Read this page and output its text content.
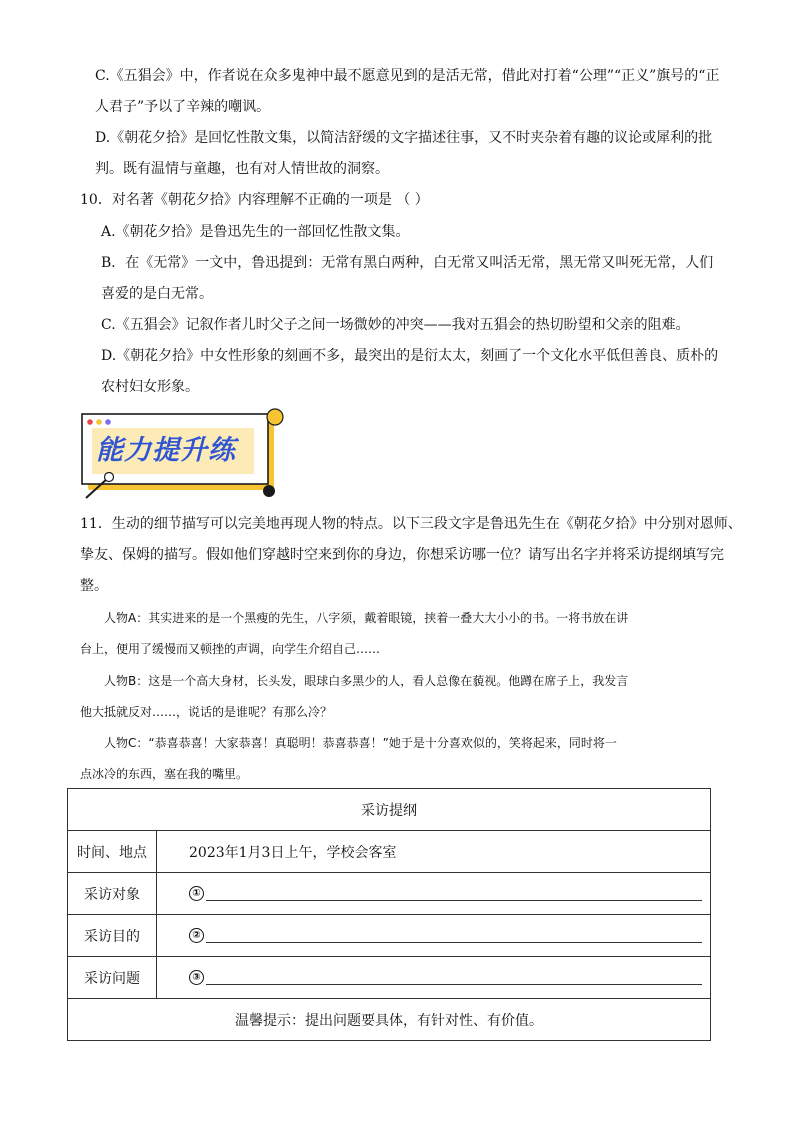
C.《五猖会》中，作者说在众多鬼神中最不愿意见到的是活无常，借此对打着“公理”“正义”旗号的“正
人君子”予以了辛辣的嘲讽。
D.《朝花夕拾》是回忆性散文集，以简洁舒缓的文字描述往事，又不时夹杂着有趣的议论或犀利的批
判。既有温情与童趣，也有对人情世故的洞察。
10．对名著《朝花夕拾》内容理解不正确的一项是 （ ）
A.《朝花夕拾》是鲁迅先生的一部回忆性散文集。
B．在《无常》一文中，鲁迅提到：无常有黑白两种，白无常又叫活无常，黑无常又叫死无常，人们
喜爱的是白无常。
C.《五猖会》记叙作者儿时父子之间一场微妙的冲突——我对五猖会的热切盼望和父亲的阻难。
D.《朝花夕拾》中女性形象的刻画不多，最突出的是衍太太，刻画了一个文化水平低但善良、质朴的
农村妇女形象。
能力提升练
11．生动的细节描写可以完美地再现人物的特点。以下三段文字是鲁迅先生在《朝花夕拾》中分别对恩师、
挚友、保姆的描写。假如他们穿越时空来到你的身边，你想采访哪一位？请写出名字并将采访提纲填写完
整。
人物A：其实进来的是一个黑瘦的先生，八字须，戴着眼镜，挟着一叠大大小小的书。一将书放在讲
台上，便用了缓慢而又顿挫的声调，向学生介绍自己……
人物B：这是一个高大身材，长头发，眼球白多黑少的人，看人总像在藐视。他蹲在席子上，我发言
他大抵就反对……，说话的是谁呢？有那么冷？
人物C：“恭喜恭喜！大家恭喜！真聪明！恭喜恭喜！”她于是十分喜欢似的，笑将起来，同时将一
点冰冷的东西，塞在我的嘴里。
采访提纲	
时间、地点	2023年1月3日上午，学校会客室
采访对象	①
采访目的	②
采访问题	③
温馨提示：提出问题要具体，有针对性、有价值。	
